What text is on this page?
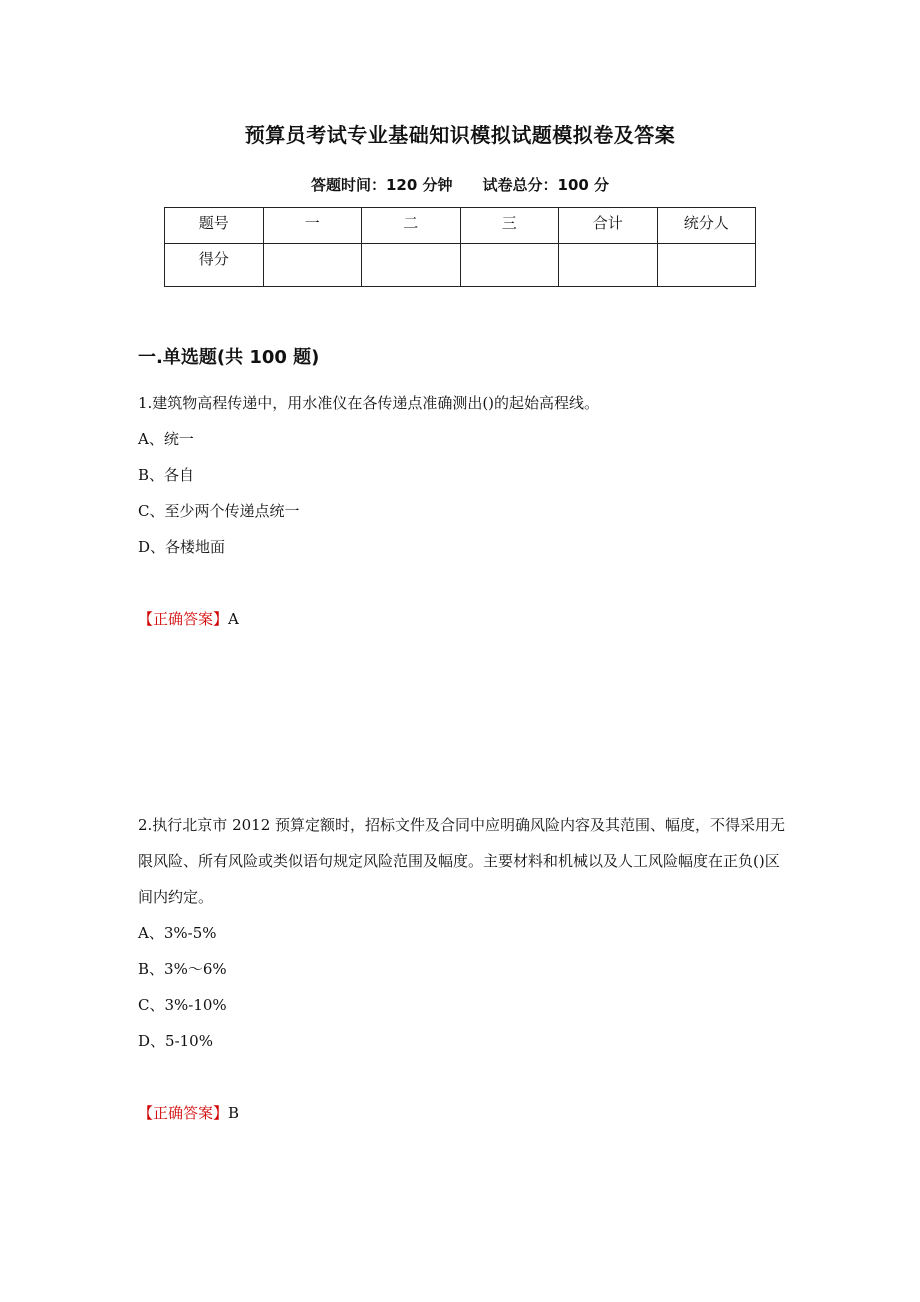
预算员考试专业基础知识模拟试题模拟卷及答案
答题时间：120 分钟 试卷总分：100 分
题号	一	二	三	合计	统分人
得分					
一.单选题(共 100 题)
1.建筑物高程传递中，用水准仪在各传递点准确测出()的起始高程线。
A、统一
B、各自
C、至少两个传递点统一
D、各楼地面
【正确答案】A
2.执行北京市 2012 预算定额时，招标文件及合同中应明确风险内容及其范围、幅度，不得采用无限风险、所有风险或类似语句规定风险范围及幅度。主要材料和机械以及人工风险幅度在正负()区间内约定。
A、3%-5%
B、3%～6%
C、3%-10%
D、5-10%
【正确答案】B
